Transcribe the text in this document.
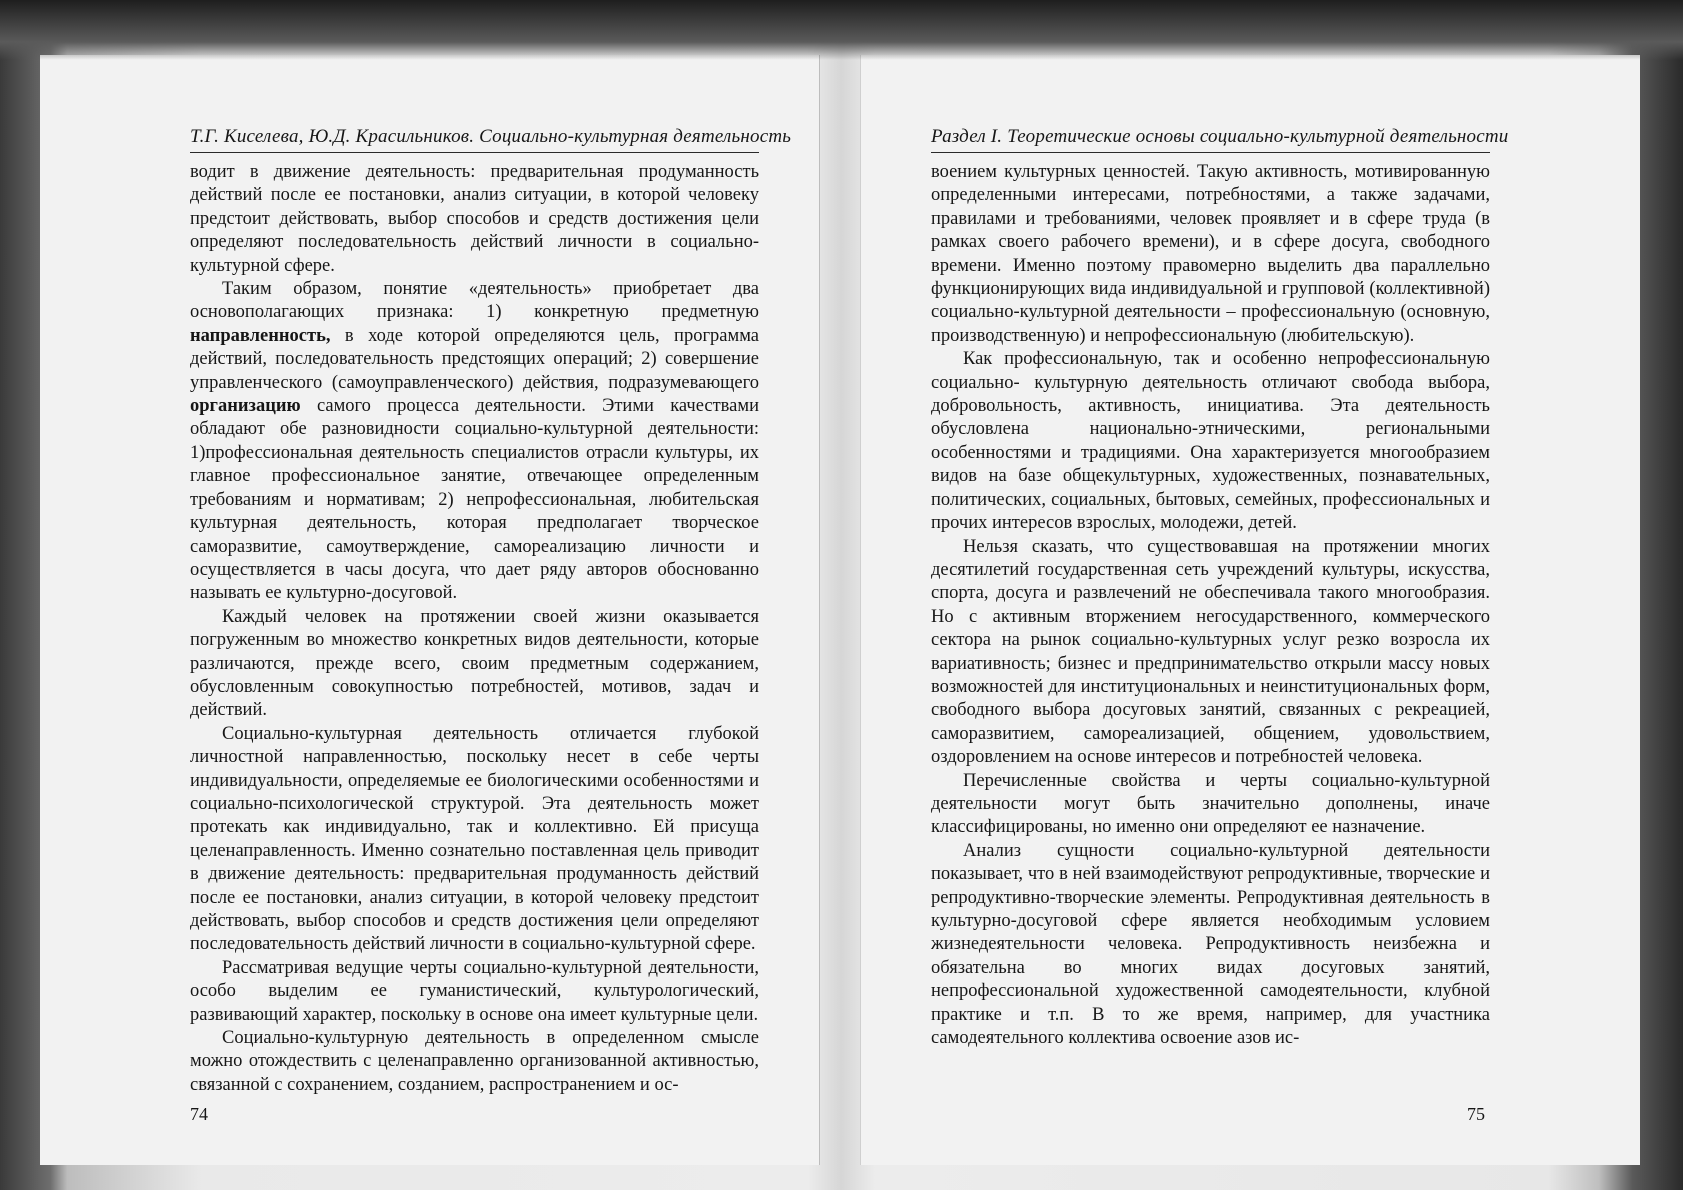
Т.Г. Киселева, Ю.Д. Красильников. Социально-культурная деятельность

водит в движение деятельность: предварительная продуманность действий после ее постановки, анализ ситуации, в которой человеку предстоит действовать, выбор способов и средств достижения цели определяют последовательность действий личности в социально-культурной сфере.

Таким образом, понятие «деятельность» приобретает два основополагающих признака: 1) конкретную предметную направленность, в ходе которой определяются цель, программа действий, последовательность предстоящих операций; 2) совершение управленческого (самоуправленческого) действия, подразумевающего организацию самого процесса деятельности. Этими качествами обладают обе разновидности социально-культурной деятельности: 1)профессиональная деятельность специалистов отрасли культуры, их главное профессиональное занятие, отвечающее определенным требованиям и нормативам; 2) непрофессиональная, любительская культурная деятельность, которая предполагает творческое саморазвитие, самоутверждение, самореализацию личности и осуществляется в часы досуга, что дает ряду авторов обоснованно называть ее культурно-досуговой.

Каждый человек на протяжении своей жизни оказывается погруженным во множество конкретных видов деятельности, которые различаются, прежде всего, своим предметным содержанием, обусловленным совокупностью потребностей, мотивов, задач и действий.

Социально-культурная деятельность отличается глубокой личностной направленностью, поскольку несет в себе черты индивидуальности, определяемые ее биологическими особенностями и социально-психологической структурой. Эта деятельность может протекать как индивидуально, так и коллективно. Ей присуща целенаправленность. Именно сознательно поставленная цель приводит в движение деятельность: предварительная продуманность действий после ее постановки, анализ ситуации, в которой человеку предстоит действовать, выбор способов и средств достижения цели определяют последовательность действий личности в социально-культурной сфере.

Рассматривая ведущие черты социально-культурной деятельности, особо выделим ее гуманистический, культурологический, развивающий характер, поскольку в основе она имеет культурные цели.

Социально-культурную деятельность в определенном смысле можно отождествить с целенаправленно организованной активностью, связанной с сохранением, созданием, распространением и ос-

74
Раздел I. Теоретические основы социально-культурной деятельности

воением культурных ценностей. Такую активность, мотивированную определенными интересами, потребностями, а также задачами, правилами и требованиями, человек проявляет и в сфере труда (в рамках своего рабочего времени), и в сфере досуга, свободного времени. Именно поэтому правомерно выделить два параллельно функционирующих вида индивидуальной и групповой (коллективной) социально-культурной деятельности – профессиональную (основную, производственную) и непрофессиональную (любительскую).

Как профессиональную, так и особенно непрофессиональную социально- культурную деятельность отличают свобода выбора, добровольность, активность, инициатива. Эта деятельность обусловлена национально-этническими, региональными особенностями и традициями. Она характеризуется многообразием видов на базе общекультурных, художественных, познавательных, политических, социальных, бытовых, семейных, профессиональных и прочих интересов взрослых, молодежи, детей.

Нельзя сказать, что существовавшая на протяжении многих десятилетий государственная сеть учреждений культуры, искусства, спорта, досуга и развлечений не обеспечивала такого многообразия. Но с активным вторжением негосударственного, коммерческого сектора на рынок социально-культурных услуг резко возросла их вариативность; бизнес и предпринимательство открыли массу новых возможностей для институциональных и неинституциональных форм, свободного выбора досуговых занятий, связанных с рекреацией, саморазвитием, самореализацией, общением, удовольствием, оздоровлением на основе интересов и потребностей человека.

Перечисленные свойства и черты социально-культурной деятельности могут быть значительно дополнены, иначе классифицированы, но именно они определяют ее назначение.

Анализ сущности социально-культурной деятельности показывает, что в ней взаимодействуют репродуктивные, творческие и репродуктивно-творческие элементы. Репродуктивная деятельность в культурно-досуговой сфере является необходимым условием жизнедеятельности человека. Репродуктивность неизбежна и обязательна во многих видах досуговых занятий, непрофессиональной художественной самодеятельности, клубной практике и т.п. В то же время, например, для участника самодеятельного коллектива освоение азов ис-

75
